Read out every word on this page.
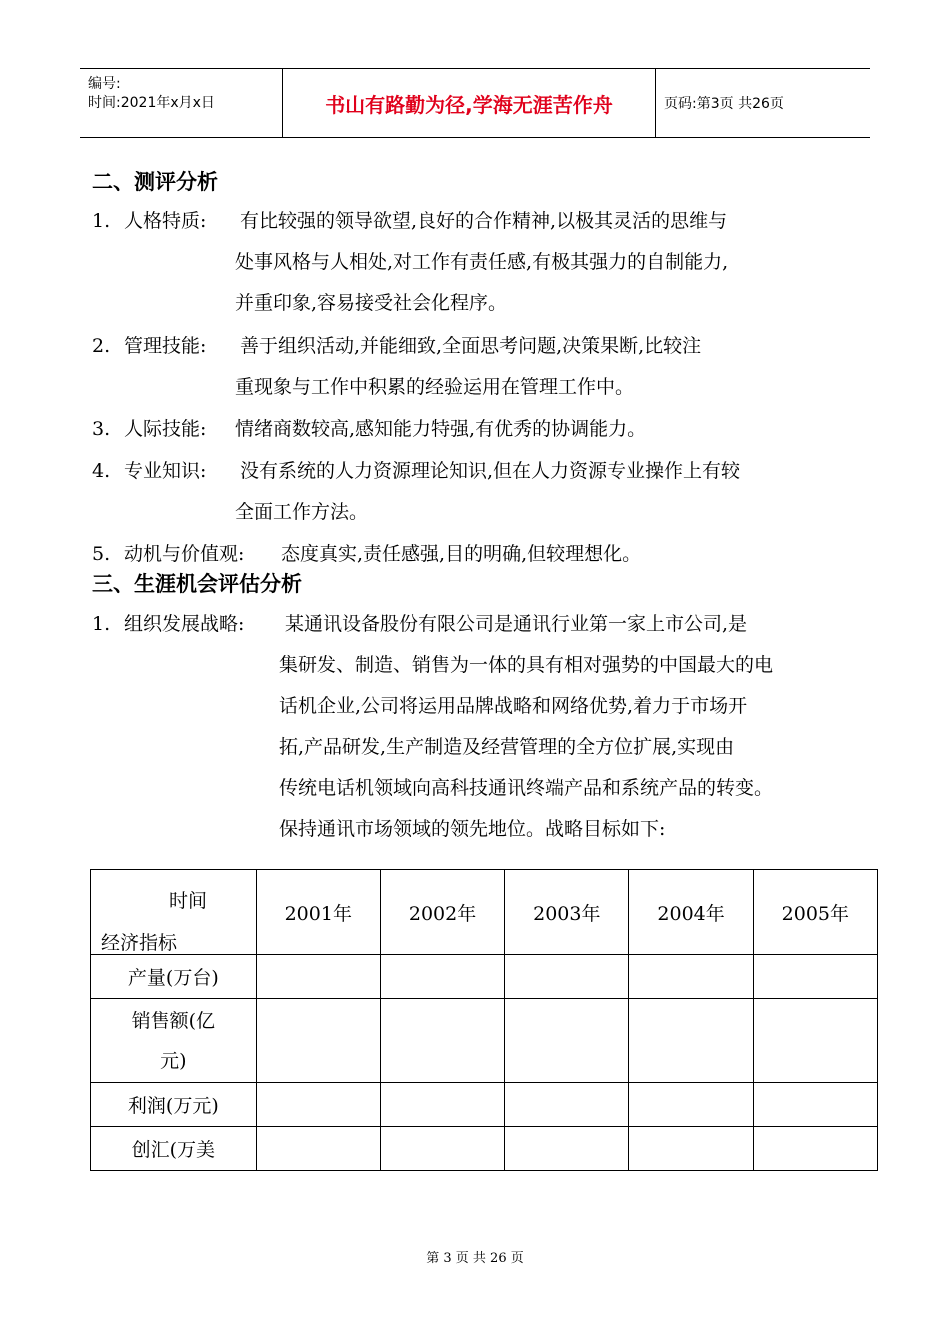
编号:
时间:2021年x月x日	书山有路勤为径,学海无涯苦作舟	页码:第3页 共26页
二、测评分析
1. 人格特质: 有比较强的领导欲望,良好的合作精神,以极其灵活的思维与
处事风格与人相处,对工作有责任感,有极其强力的自制能力,
并重印象,容易接受社会化程序。
2. 管理技能: 善于组织活动,并能细致,全面思考问题,决策果断,比较注
重现象与工作中积累的经验运用在管理工作中。
3. 人际技能: 情绪商数较高,感知能力特强,有优秀的协调能力。
4. 专业知识: 没有系统的人力资源理论知识,但在人力资源专业操作上有较
全面工作方法。
5. 动机与价值观: 态度真实,责任感强,目的明确,但较理想化。
三、生涯机会评估分析
1. 组织发展战略: 某通讯设备股份有限公司是通讯行业第一家上市公司,是
集研发、制造、销售为一体的具有相对强势的中国最大的电
话机企业,公司将运用品牌战略和网络优势,着力于市场开
拓,产品研发,生产制造及经营管理的全方位扩展,实现由
传统电话机领域向高科技通讯终端产品和系统产品的转变。
保持通讯市场领域的领先地位。战略目标如下:
时间
经济指标	2001年	2002年	2003年	2004年	2005年
产量(万台)					

销售额(亿
元)					

利润(万元)					
创汇(万美					
第 3 页 共 26 页
